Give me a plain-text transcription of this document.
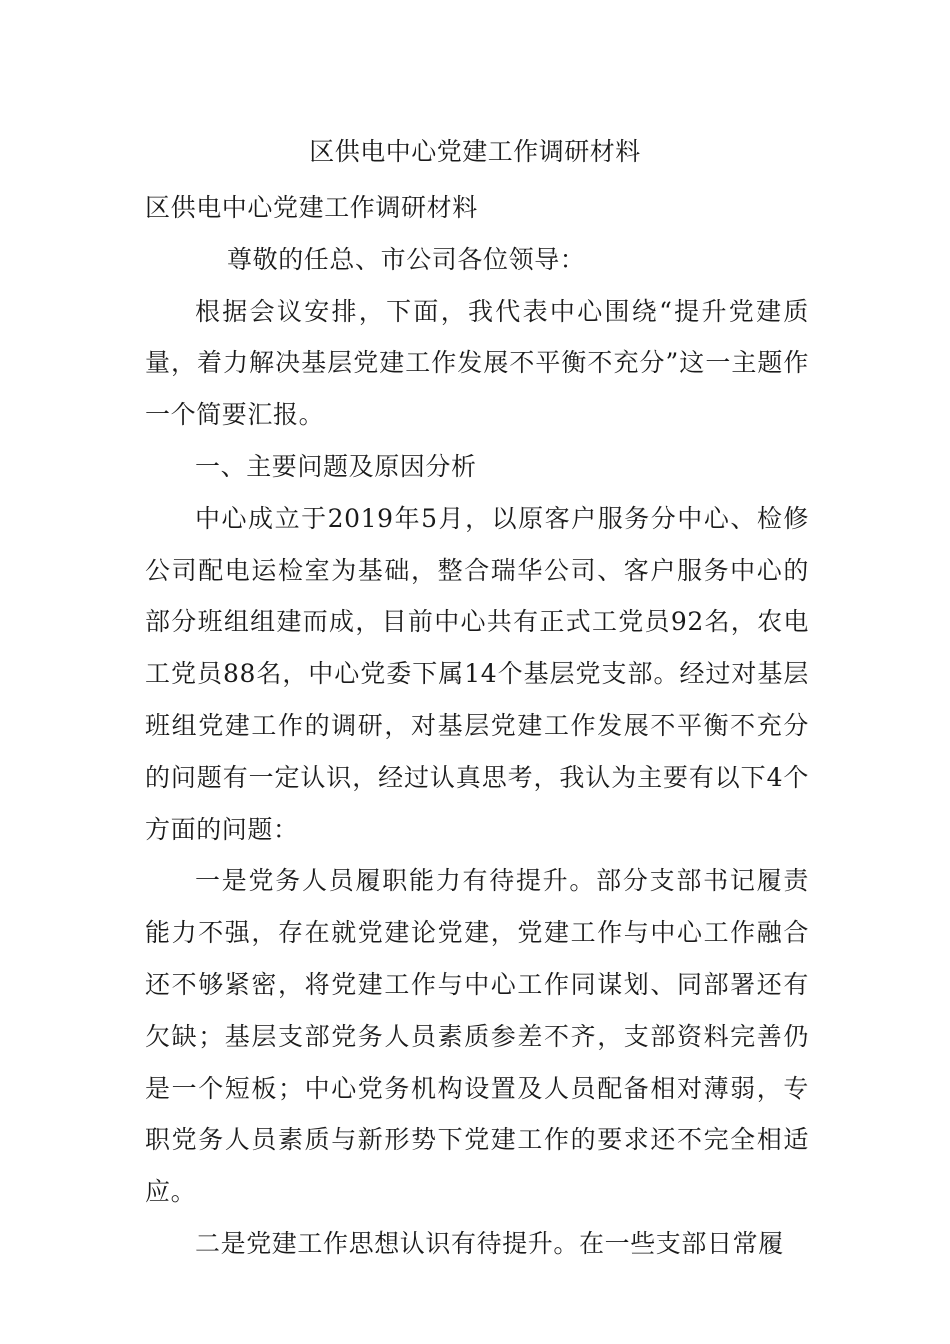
区供电中心党建工作调研材料

区供电中心党建工作调研材料

尊敬的任总、市公司各位领导：

根据会议安排，下面，我代表中心围绕“提升党建质量，着力解决基层党建工作发展不平衡不充分”这一主题作一个简要汇报。

一、主要问题及原因分析

中心成立于2019年5月，以原客户服务分中心、检修公司配电运检室为基础，整合瑞华公司、客户服务中心的部分班组组建而成，目前中心共有正式工党员92名，农电工党员88名，中心党委下属14个基层党支部。经过对基层班组党建工作的调研，对基层党建工作发展不平衡不充分的问题有一定认识，经过认真思考，我认为主要有以下4个方面的问题：

一是党务人员履职能力有待提升。部分支部书记履责能力不强，存在就党建论党建，党建工作与中心工作融合还不够紧密，将党建工作与中心工作同谋划、同部署还有欠缺；基层支部党务人员素质参差不齐，支部资料完善仍是一个短板；中心党务机构设置及人员配备相对薄弱，专职党务人员素质与新形势下党建工作的要求还不完全相适应。

二是党建工作思想认识有待提升。在一些支部日常履
